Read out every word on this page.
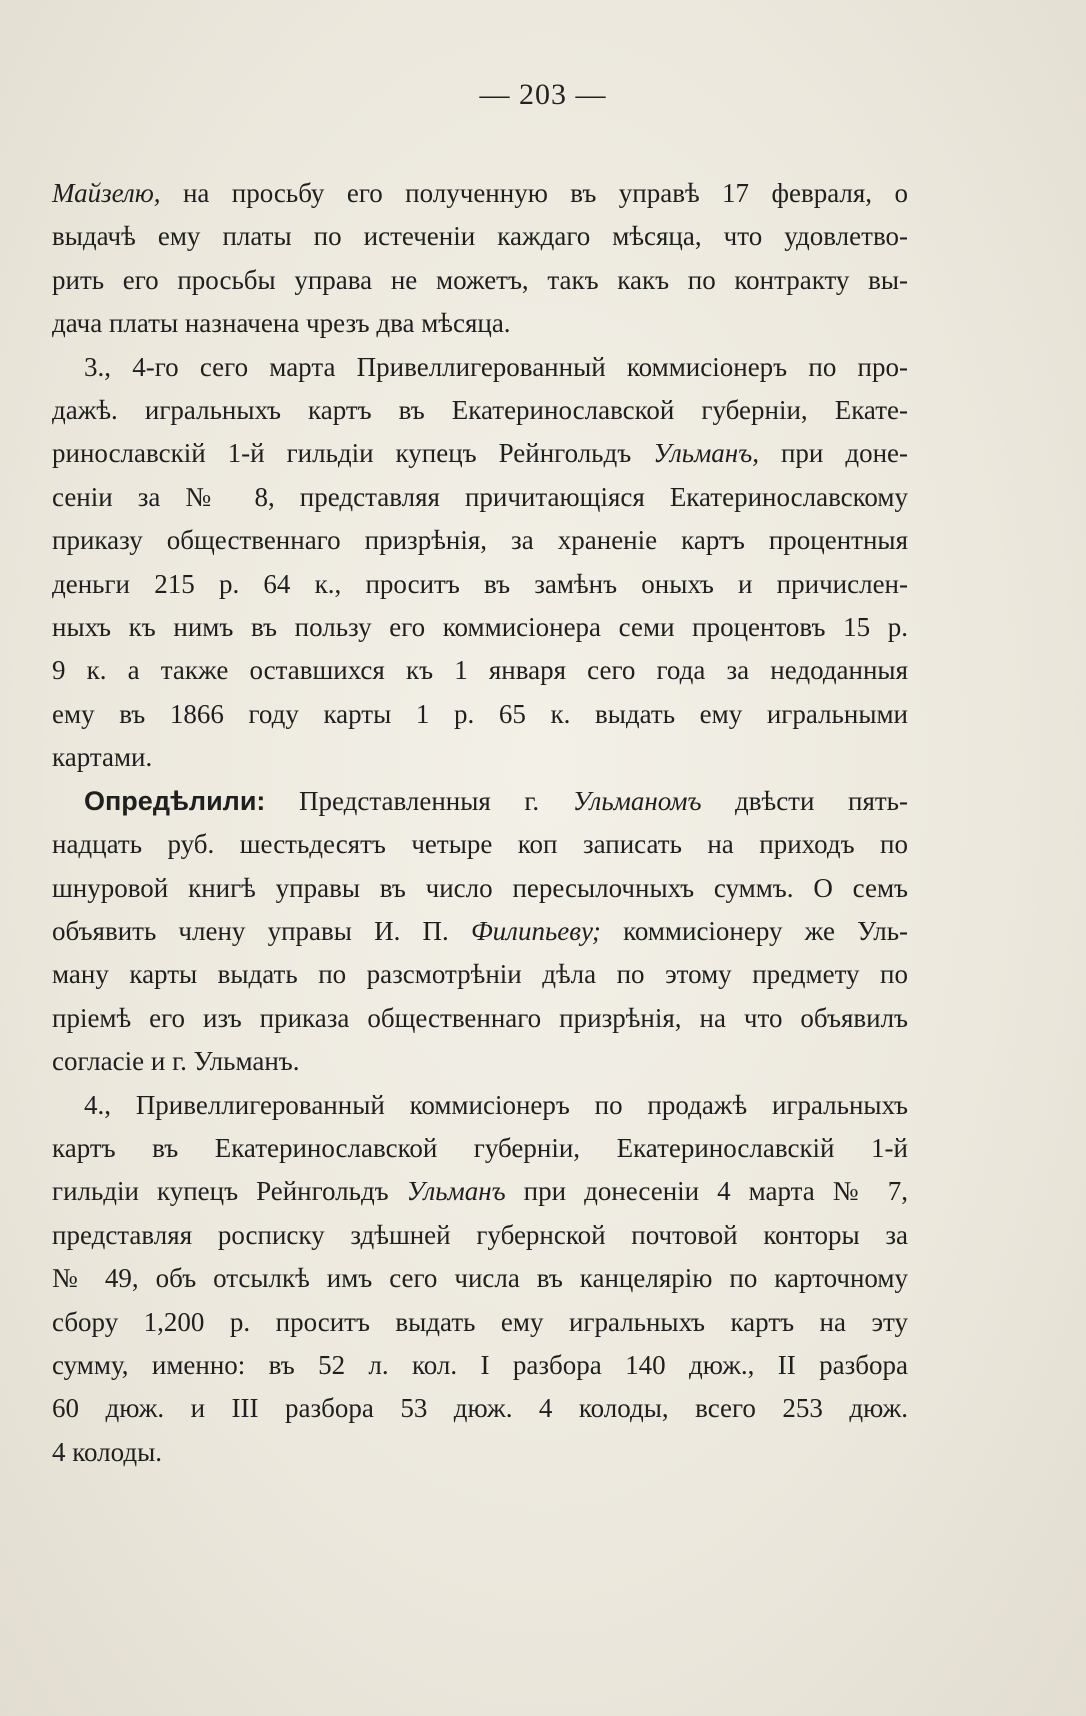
— 203 —
Майзелю, на просьбу его полученную въ управѣ 17 февраля, о
выдачѣ ему платы по истеченіи каждаго мѣсяца, что удовлетво-
рить его просьбы управа не можетъ, такъ какъ по контракту вы-
дача платы назначена чрезъ два мѣсяца.
3., 4-го сего марта Привеллигерованный коммисіонеръ по про-
дажѣ. игральныхъ картъ въ Екатеринославской губерніи, Екате-
ринославскій 1-й гильдіи купецъ Рейнгольдъ Ульманъ, при доне-
сеніи за № 8, представляя причитающіяся Екатеринославскому
приказу общественнаго призрѣнія, за храненіе картъ процентныя
деньги 215 р. 64 к., проситъ въ замѣнъ оныхъ и причислен-
ныхъ къ нимъ въ пользу его коммисіонера семи процентовъ 15 р.
9 к. а также оставшихся къ 1 января сего года за недоданныя
ему въ 1866 году карты 1 р. 65 к. выдать ему игральными
картами.
Опредѣлили: Представленныя г. Ульманомъ двѣсти пять-
надцать руб. шестьдесятъ четыре коп записать на приходъ по
шнуровой книгѣ управы въ число пересылочныхъ суммъ. О семъ
объявить члену управы И. П. Филипьеву; коммисіонеру же Уль-
ману карты выдать по разсмотрѣніи дѣла по этому предмету по
пріемѣ его изъ приказа общественнаго призрѣнія, на что объявилъ
согласіе и г. Ульманъ.
4., Привеллигерованный коммисіонеръ по продажѣ игральныхъ
картъ въ Екатеринославской губерніи, Екатеринославскій 1-й
гильдіи купецъ Рейнгольдъ Ульманъ при донесеніи 4 марта № 7,
представляя росписку здѣшней губернской почтовой конторы за
№ 49, объ отсылкѣ имъ сего числа въ канцелярію по карточному
сбору 1,200 р. проситъ выдать ему игральныхъ картъ на эту
сумму, именно: въ 52 л. кол. I разбора 140 дюж., II разбора
60 дюж. и III разбора 53 дюж. 4 колоды, всего 253 дюж.
4 колоды.
